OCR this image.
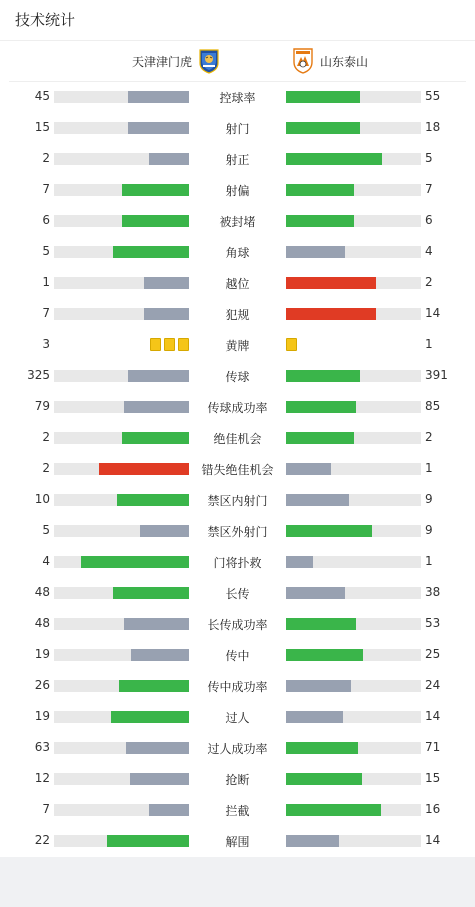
技术统计
天津津门虎	山东泰山
45	控球率	55
15	射门	18
2	射正	5
7	射偏	7
6	被封堵	6
5	角球	4
1	越位	2
7	犯规	14
3	黄牌	1
325	传球	391
79	传球成功率	85
2	绝佳机会	2
2	错失绝佳机会	1
10	禁区内射门	9
5	禁区外射门	9
4	门将扑救	1
48	长传	38
48	长传成功率	53
19	传中	25
26	传中成功率	24
19	过人	14
63	过人成功率	71
12	抢断	15
7	拦截	16
22	解围	14
